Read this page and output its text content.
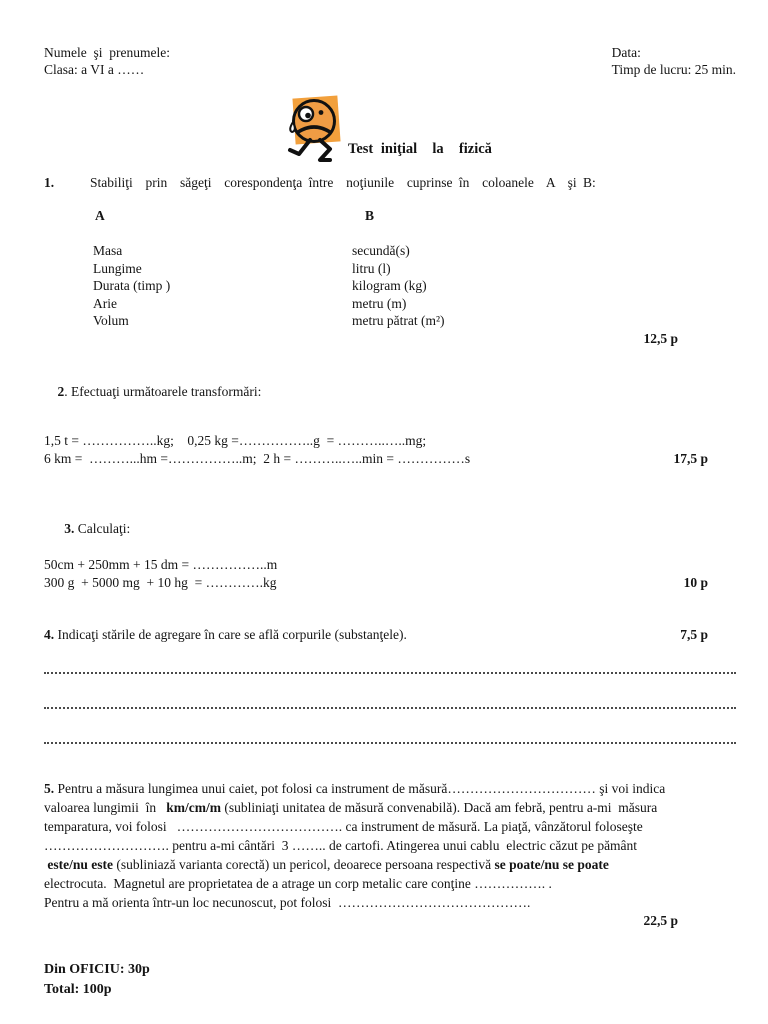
Numele  şi  prenumele:
Clasa: a VI a ……
Data:
Timp de lucru: 25 min.
Test iniţial  la  fizică
1.	Stabiliţi  prin  săgeţi  corespondenţa între  noţiunile  cuprinse în  coloanele  A  şi B:
A	B
Masa	secundă(s)
Lungime	litru (l)
Durata (timp )	kilogram (kg)
Arie	metru (m)
Volum	metru pătrat (m²)
12,5 p

2. Efectuaţi următoarele transformări:

1,5 t = ……………..kg;    0,25 kg =……………..g  = ………..…..mg;
6 km =  ………...hm =……………..m;  2 h = ………..…..min = ……………s	17,5 p

3. Calculaţi:

50cm + 250mm + 15 dm = ……………..m
300 g  + 5000 mg  + 10 hg  = ………….kg	10 p
4. Indicaţi stările de agregare în care se află corpurile (substanţele).	7,5 p
5. Pentru a măsura lungimea unui caiet, pot folosi ca instrument de măsură…………………………… şi voi indica
valoarea lungimii  în   km/cm/m (subliniaţi unitatea de măsură convenabilă). Dacă am febră, pentru a-mi  măsura
temparatura, voi folosi   ………………………………. ca instrument de măsură. La piaţă, vânzătorul foloseşte
………………………. pentru a-mi cântări  3 …….. de cartofi. Atingerea unui cablu  electric căzut pe pământ
este/nu este (subliniază varianta corectă) un pericol, deoarece persoana respectivă se poate/nu se poate
electrocuta.  Magnetul are proprietatea de a atrage un corp metalic care conţine ……………. .
Pentru a mă orienta într-un loc necunoscut, pot folosi  …………………………………….
22,5 p
Din OFICIU: 30p
Total: 100p
